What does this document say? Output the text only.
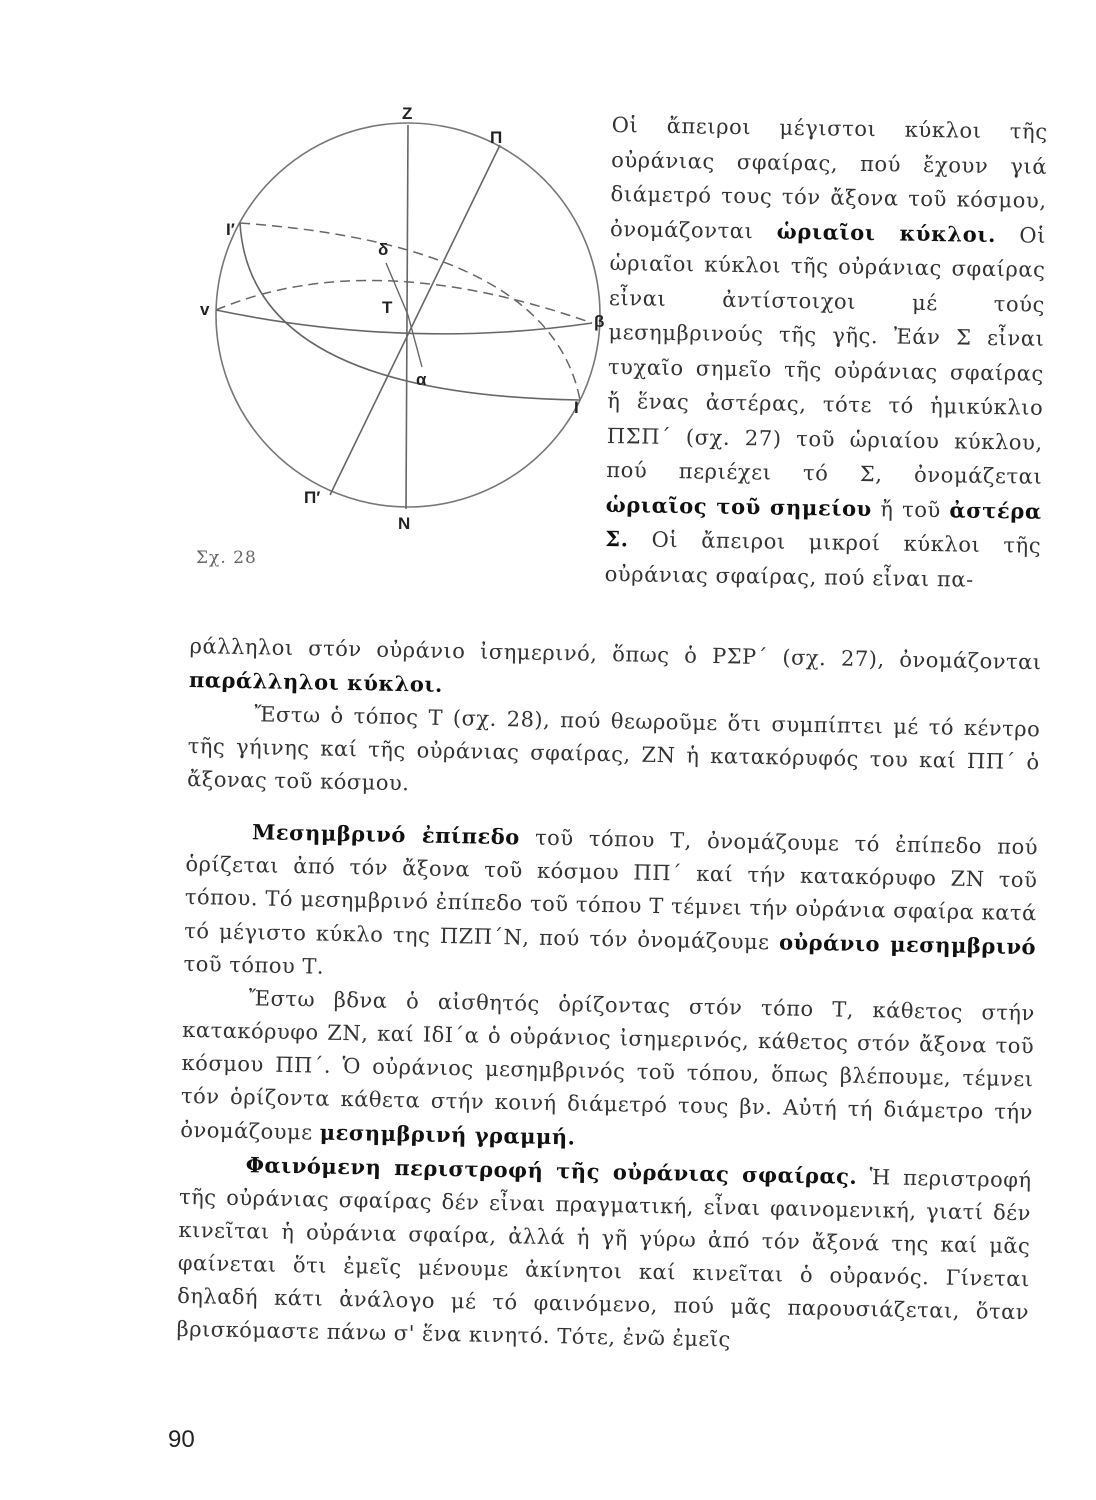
Z
Π
I′
δ
v	T
β
α
I
Π′
N
Σχ. 28
Οἱ ἄπειροι μέγιστοι κύκλοι τῆς οὐράνιας σφαίρας, πού ἔχουν γιά διάμετρό τους τόν ἄξονα τοῦ κόσμου, ὀνομάζονται ὡριαῖοι κύκλοι. Οἱ ὡριαῖοι κύκλοι τῆς οὐράνιας σφαίρας εἶναι ἀντίστοιχοι μέ τούς μεσημβρινούς τῆς γῆς. Ἐάν Σ εἶναι τυχαῖο σημεῖο τῆς οὐράνιας σφαίρας ἤ ἕνας ἀστέρας, τότε τό ἡμικύκλιο ΠΣΠ΄ (σχ. 27) τοῦ ὡριαίου κύκλου, πού περιέχει τό Σ, ὀνομάζεται ὡριαῖος τοῦ σημείου ἤ τοῦ ἀστέρα Σ. Οἱ ἄπειροι μικροί κύκλοι τῆς οὐράνιας σφαίρας, πού εἶναι πα-

ράλληλοι στόν οὐράνιο ἰσημερινό, ὅπως ὁ ΡΣΡ΄ (σχ. 27), ὀνομάζονται παράλληλοι κύκλοι.

Ἔστω ὁ τόπος Τ (σχ. 28), πού θεωροῦμε ὅτι συμπίπτει μέ τό κέντρο τῆς γήινης καί τῆς οὐράνιας σφαίρας, ΖΝ ἡ κατακόρυφός του καί ΠΠ΄ ὁ ἄξονας τοῦ κόσμου.

Μεσημβρινό ἐπίπεδο τοῦ τόπου Τ, ὀνομάζουμε τό ἐπίπεδο πού ὁρίζεται ἀπό τόν ἄξονα τοῦ κόσμου ΠΠ΄ καί τήν κατακόρυφο ΖΝ τοῦ τόπου. Τό μεσημβρινό ἐπίπεδο τοῦ τόπου Τ τέμνει τήν οὐράνια σφαίρα κατά τό μέγιστο κύκλο της ΠΖΠ΄Ν, πού τόν ὀνομάζουμε οὐράνιο μεσημβρινό τοῦ τόπου Τ.

Ἔστω βδνα ὁ αἰσθητός ὁρίζοντας στόν τόπο Τ, κάθετος στήν κατακόρυφο ΖΝ, καί ΙδΙ΄α ὁ οὐράνιος ἰσημερινός, κάθετος στόν ἄξονα τοῦ κόσμου ΠΠ΄. Ὁ οὐράνιος μεσημβρινός τοῦ τόπου, ὅπως βλέπουμε, τέμνει τόν ὁρίζοντα κάθετα στήν κοινή διάμετρό τους βν. Αὐτή τή διάμετρο τήν ὀνομάζουμε μεσημβρινή γραμμή.

Φαινόμενη περιστροφή τῆς οὐράνιας σφαίρας. Ἡ περιστροφή τῆς οὐράνιας σφαίρας δέν εἶναι πραγματική, εἶναι φαινομενική, γιατί δέν κινεῖται ἡ οὐράνια σφαίρα, ἀλλά ἡ γῆ γύρω ἀπό τόν ἄξονά της καί μᾶς φαίνεται ὅτι ἐμεῖς μένουμε ἀκίνητοι καί κινεῖται ὁ οὐρανός. Γίνεται δηλαδή κάτι ἀνάλογο μέ τό φαινόμενο, πού μᾶς παρουσιάζεται, ὅταν βρισκόμαστε πάνω σ' ἕνα κινητό. Τότε, ἐνῶ ἐμεῖς

90
